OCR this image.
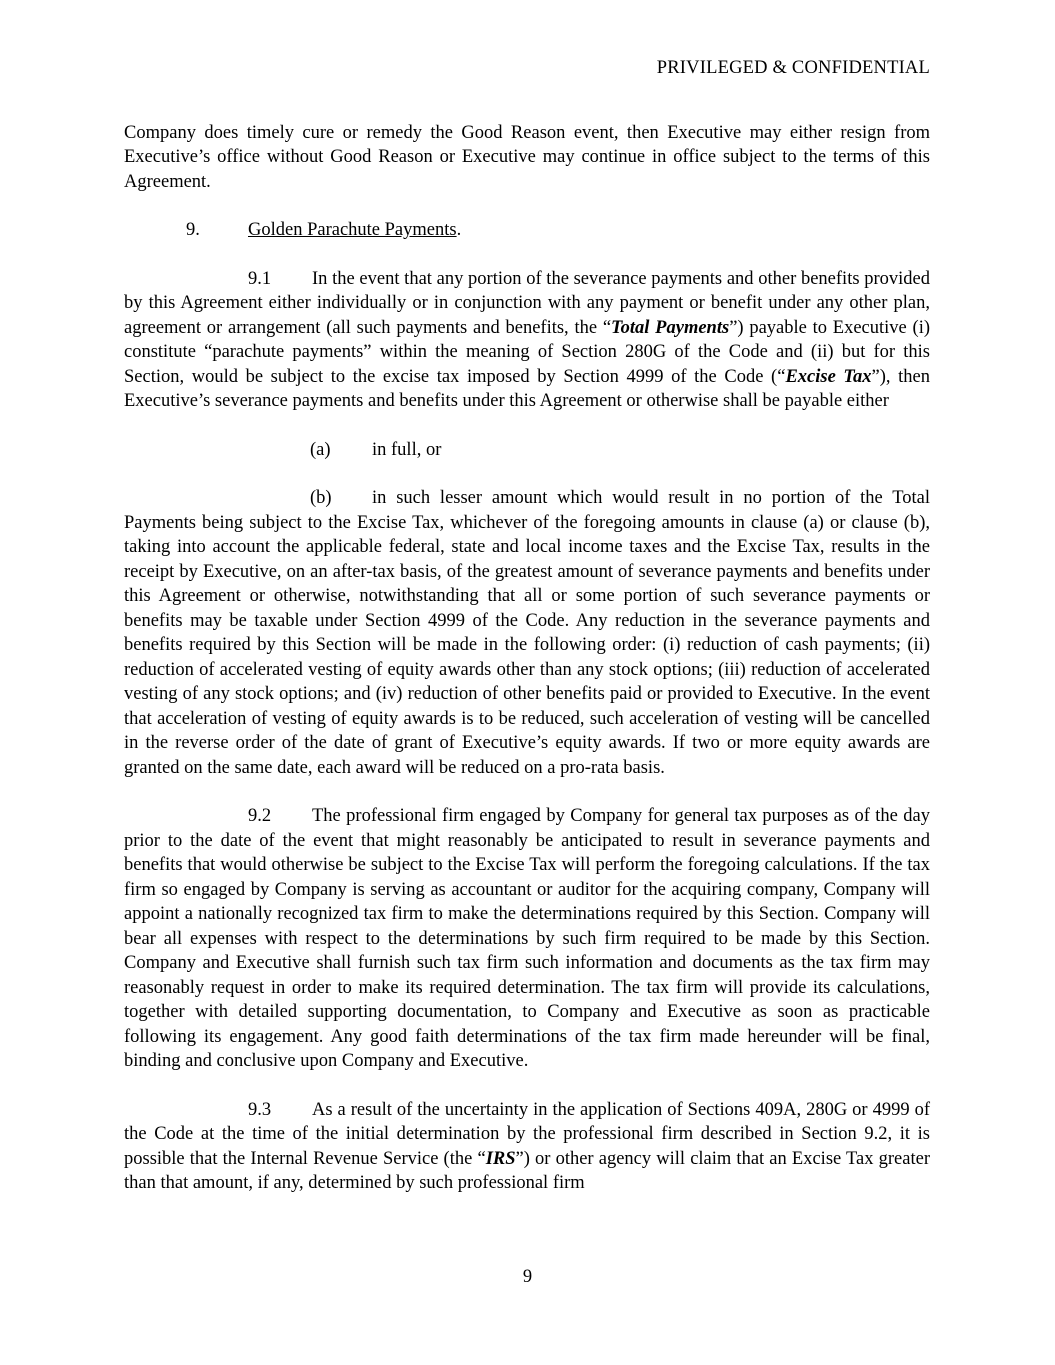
PRIVILEGED & CONFIDENTIAL

Company does timely cure or remedy the Good Reason event, then Executive may either resign from Executive’s office without Good Reason or Executive may continue in office subject to the terms of this Agreement.

9.	Golden Parachute Payments.

9.1 In the event that any portion of the severance payments and other benefits provided by this Agreement either individually or in conjunction with any payment or benefit under any other plan, agreement or arrangement (all such payments and benefits, the “Total Payments”) payable to Executive (i) constitute “parachute payments” within the meaning of Section 280G of the Code and (ii) but for this Section, would be subject to the excise tax imposed by Section 4999 of the Code (“Excise Tax”), then Executive’s severance payments and benefits under this Agreement or otherwise shall be payable either

(a) in full, or

(b) in such lesser amount which would result in no portion of the Total Payments being subject to the Excise Tax, whichever of the foregoing amounts in clause (a) or clause (b), taking into account the applicable federal, state and local income taxes and the Excise Tax, results in the receipt by Executive, on an after-tax basis, of the greatest amount of severance payments and benefits under this Agreement or otherwise, notwithstanding that all or some portion of such severance payments or benefits may be taxable under Section 4999 of the Code. Any reduction in the severance payments and benefits required by this Section will be made in the following order: (i) reduction of cash payments; (ii) reduction of accelerated vesting of equity awards other than any stock options; (iii) reduction of accelerated vesting of any stock options; and (iv) reduction of other benefits paid or provided to Executive. In the event that acceleration of vesting of equity awards is to be reduced, such acceleration of vesting will be cancelled in the reverse order of the date of grant of Executive’s equity awards. If two or more equity awards are granted on the same date, each award will be reduced on a pro-rata basis.

9.2 The professional firm engaged by Company for general tax purposes as of the day prior to the date of the event that might reasonably be anticipated to result in severance payments and benefits that would otherwise be subject to the Excise Tax will perform the foregoing calculations. If the tax firm so engaged by Company is serving as accountant or auditor for the acquiring company, Company will appoint a nationally recognized tax firm to make the determinations required by this Section. Company will bear all expenses with respect to the determinations by such firm required to be made by this Section. Company and Executive shall furnish such tax firm such information and documents as the tax firm may reasonably request in order to make its required determination. The tax firm will provide its calculations, together with detailed supporting documentation, to Company and Executive as soon as practicable following its engagement. Any good faith determinations of the tax firm made hereunder will be final, binding and conclusive upon Company and Executive.

9.3 As a result of the uncertainty in the application of Sections 409A, 280G or 4999 of the Code at the time of the initial determination by the professional firm described in Section 9.2, it is possible that the Internal Revenue Service (the “IRS”) or other agency will claim that an Excise Tax greater than that amount, if any, determined by such professional firm

9
